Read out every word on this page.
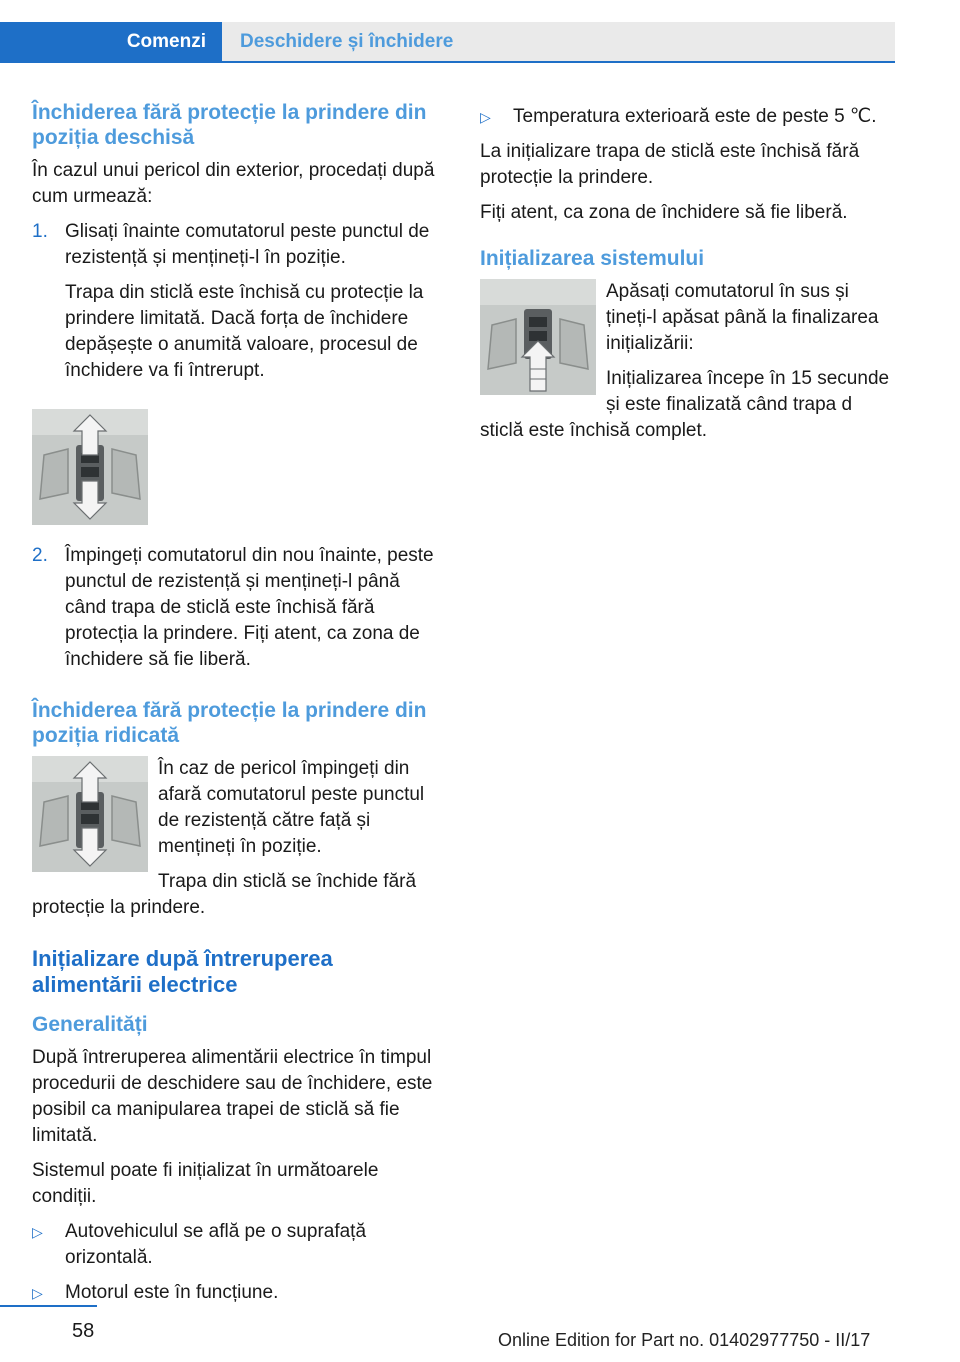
Comenzi	Deschidere și închidere
Închiderea fără protecție la prindere din poziția deschisă

În cazul unui pericol din exterior, procedați după cum urmează:

1. Glisați înainte comutatorul peste punctul de rezistență și mențineți-l în poziție.

Trapa din sticlă este închisă cu protecție la prindere limitată. Dacă forța de închidere depășește o anumită valoare, procesul de închidere va fi întrerupt.

2. Împingeți comutatorul din nou înainte, peste punctul de rezistență și mențineți-l până când trapa de sticlă este închisă fără protecția la prindere. Fiți atent, ca zona de închidere să fie liberă.

Închiderea fără protecție la prindere din poziția ridicată

În caz de pericol împingeți din afară comutatorul peste punctul de rezistență către față și mențineți în poziție.

Trapa din sticlă se închide fără protecție la prindere.

Inițializare după întreruperea alimentării electrice
Generalități

După întreruperea alimentării electrice în timpul procedurii de deschidere sau de închidere, este posibil ca manipularea trapei de sticlă să fie limitată.

Sistemul poate fi inițializat în următoarele condiții.

▷	Autovehiculul se află pe o suprafață orizontală.
▷	Motorul este în funcțiune.
▷	Temperatura exterioară este de peste 5 ℃.

La inițializare trapa de sticlă este închisă fără protecție la prindere.

Fiți atent, ca zona de închidere să fie liberă.

Inițializarea sistemului

Apăsați comutatorul în sus și țineți-l apăsat până la finalizarea inițializării:

Inițializarea începe în 15 secunde și este finalizată când trapa d sticlă este închisă complet.

58	Online Edition for Part no. 01402977750 - II/17
